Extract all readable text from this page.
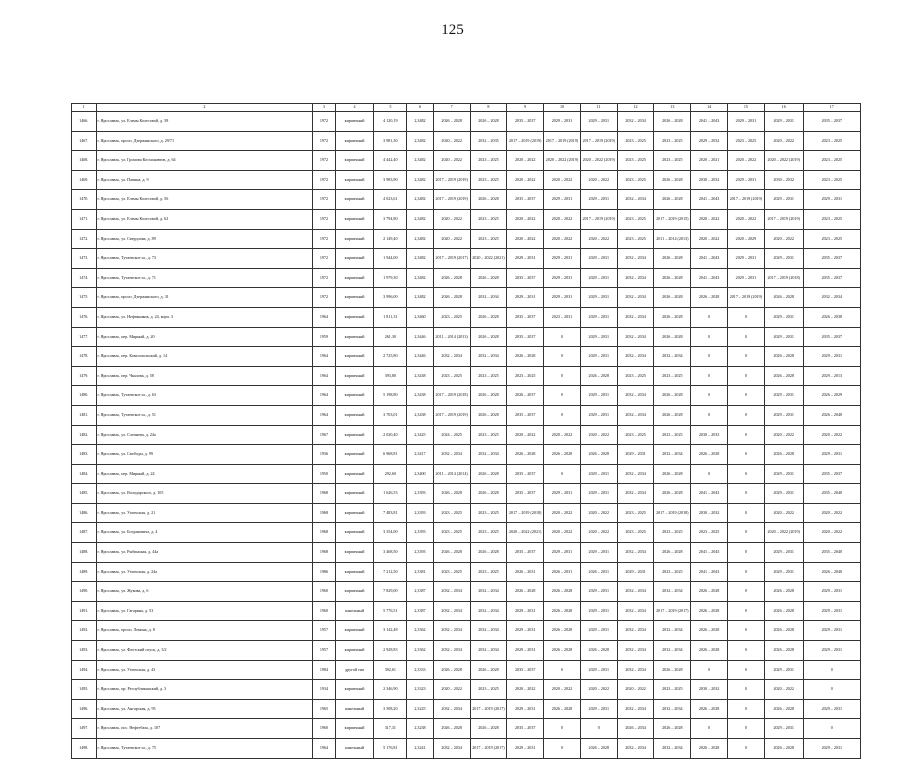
125
1	2	3	4	5	6	7	8	9	10	11	12	13	14	15	16	17
1466.	г. Ярославль, ул. Елены Колесовой, д. 58	1972	кирпичный	4 120,19	2,3482	2026 – 2028	2026 – 2028	2035 – 2037	2029 – 2031	2029 – 2031	2032 – 2034	2026 – 2028	2041 – 2043	2029 – 2031	2029 – 2031	2035 – 2037
1467.	г. Ярославль, просп. Дзержинского, д. 29/71	1972	кирпичный	3 981,30	2,3482	2020 – 2022	2032 – 2035	2017 – 2019 (2019)	2017 – 2019 (2019)	2017 – 2019 (2019)	2023 – 2025	2023 – 2025	2029 – 2032	2023 – 2025	2020 – 2022	2023 – 2025
1468.	г. Ярославль, ул. Громова Космонавтов, д. 64	1972	кирпичный	4 442,40	2,3482	2020 – 2022	2023 – 2025	2020 – 2022	2020 – 2022 (2019)	2020 – 2022 (2019)	2023 – 2025	2023 – 2025	2020 – 2021	2020 – 2022	2020 – 2022 (2019)	2023 – 2025
1469.	г. Ярославль, ул. Папина, д. 9	1972	кирпичный	3 983,90	2,3482	2017 – 2019 (2019)	2023 – 2025	2020 – 2022	2020 – 2022	2020 – 2022	2023 – 2025	2026 – 2028	2030 – 2032	2029 – 2031	2030 – 2032	2023 – 2025
1470.	г. Ярославль, ул. Елены Колесовой, д. 56	1972	кирпичный	4 023,61	2,3482	2017 – 2019 (2019)	2026 – 2028	2035 – 2037	2029 – 2031	2029 – 2031	2032 – 2034	2026 – 2028	2041 – 2043	2017 – 2019 (2019)	2029 – 2031	2029 – 2031
1471.	г. Ярославль, ул. Елены Колесовой, д. 62	1972	кирпичный	3 794,80	2,3482	2020 – 2022	2023 – 2025	2020 – 2022	2020 – 2022	2017 – 2019 (2019)	2023 – 2025	2017 – 2019 (2015)	2020 – 2022	2020 – 2022	2017 – 2019 (2019)	2023 – 2025
1472.	г. Ярославль, ул. Свердлова, д. 89	1972	кирпичный	2 149,40	2,3482	2020 – 2022	2023 – 2025	2020 – 2022	2020 – 2022	2020 – 2022	2023 – 2025	2011 – 2014 (2013)	2020 – 2022	2020 – 2029	2020 – 2022	2023 – 2025
1473.	г. Ярославль, Тутаевское ш., д. 73	1972	кирпичный	1 944,00	2,3482	2017 – 2019 (2017)	2020 – 2022 (2021)	2029 – 2031	2029 – 2031	2029 – 2031	2032 – 2034	2026 – 2028	2041 – 2043	2029 – 2031	2029 – 2031	2035 – 2037
1474.	г. Ярославль, Тутаевское ш., д. 71	1972	кирпичный	1 979,30	2,3482	2026 – 2028	2026 – 2028	2035 – 2037	2029 – 2031	2029 – 2031	2032 – 2034	2026 – 2028	2041 – 2043	2029 – 2031	2017 – 2019 (2018)	2035 – 2037
1475.	г. Ярославль, просп. Дзержинского, д. 31	1972	кирпичный	3 996,00	2,3482	2026 – 2028	2032 – 2034	2029 – 2031	2029 – 2031	2029 – 2031	2032 – 2034	2026 – 2028	2026 – 2028	2017 – 2019 (2019)	2026 – 2028	2032 – 2034
1476.	г. Ярославль, ул. Нефтяников, д. 24, корп. 3	1964	кирпичный	1 811,31	2,3460	2023 – 2025	2026 – 2028	2035 – 2037	2023 – 2031	2029 – 2031	2032 – 2034	2026 – 2028	0	0	2029 – 2031	2026 – 2038
1477.	г. Ярославль, пер. Мирный, д. 20	1959	кирпичный	261,30	2,3446	2011 – 2014 (2013)	2026 – 2028	2035 – 2037	0	2029 – 2031	2032 – 2034	2026 – 2028	0	0	2029 – 2031	2035 – 2037
1478.	г. Ярославль, пер. Комсомольский, д. 14	1964	кирпичный	2 725,80	2,3446	2032 – 2034	2032 – 2034	2026 – 2028	0	2029 – 2031	2032 – 2034	2032 – 2034	0	0	2026 – 2028	2029 – 2031
1479.	г. Ярославль, пер. Чкалова, д. 58	1964	кирпичный	393,80	2,3438	2023 – 2025	2023 – 2025	2023 – 2025	0	2026 – 2028	2023 – 2025	2023 – 2025	0	0	2026 – 2028	2029 – 2013
1480.	г. Ярославль, Тутаевское ш., д. 63	1964	кирпичный	5 198,80	2,3438	2017 – 2019 (2018)	2026 – 2028	2026 – 2037	0	2029 – 2031	2032 – 2034	2026 – 2028	0	0	2029 – 2031	2026 – 2029
1481.	г. Ярославль, Тутаевское ш., д. 51	1964	кирпичный	3 703,01	2,3438	2017 – 2019 (2019)	2026 – 2028	2035 – 2037	0	2029 – 2031	2032 – 2034	2026 – 2028	0	0	2029 – 2031	2026 – 2040
1482.	г. Ярославль, ул. Слепнева, д. 24а	1967	кирпичный	2 020,40	2,3425	2024 – 2025	2023 – 2025	2020 – 2022	2020 – 2022	2020 – 2022	2023 – 2025	2023 – 2025	2030 – 2033	0	2020 – 2022	2020 – 2022
1483.	г. Ярославль, ул. Свободы, д. 99	1936	кирпичный	6 968,81	2,3417	2032 – 2034	2032 – 2034	2026 – 2028	2026 – 2028	2026 – 2028	2029 – 2031	2032 – 2034	2026 – 2028	0	2026 – 2028	2029 – 2031
1484.	г. Ярославль, пер. Мирный, д. 24	1950	кирпичный	292,60	2,3400	2011 – 2014 (2014)	2026 – 2028	2035 – 2037	0	2029 – 2031	2032 – 2034	2026 – 2028	0	0	2029 – 2031	2035 – 2037
1485.	г. Ярославль, ул. Володарского, д. 105	1968	кирпичный	1 626,53	2,3393	2026 – 2028	2026 – 2028	2035 – 2037	2029 – 2031	2029 – 2031	2032 – 2034	2026 – 2028	2041 – 2043	0	2029 – 2031	2035 – 2040
1486.	г. Ярославль, ул. Угличская, д. 21	1968	кирпичный	7 483,81	2,3393	2023 – 2025	2023 – 2025	2017 – 2019 (2018)	2020 – 2022	2020 – 2022	2023 – 2025	2017 – 2019 (2018)	2030 – 2032	0	2020 – 2022	2020 – 2022
1487.	г. Ярославль, ул. Богдановича, д. 4	1968	кирпичный	3 354,00	2,3393	2023 – 2025	2023 – 2025	2020 – 2022 (2021)	2020 – 2022	2020 – 2022	2023 – 2025	2023 – 2025	2023 – 2025	0	2020 – 2022 (2019)	2020 – 2022
1488.	г. Ярославль, ул. Рыбинская, д. 44а	1968	кирпичный	3 468,50	2,3393	2026 – 2028	2026 – 2028	2035 – 2037	2029 – 2031	2029 – 2031	2032 – 2034	2026 – 2028	2041 – 2043	0	2029 – 2031	2035 – 2040
1489.	г. Ярославль, ул. Угличская, д. 24а	1986	кирпичный	7 212,50	2,3381	2023 – 2025	2023 – 2025	2026 – 2031	2026 – 2031	2026 – 2031	2029 – 2031	2023 – 2025	2041 – 2043	0	2029 – 2031	2026 – 2040
1490.	г. Ярославль, ул. Жукова, д. 6	1960	кирпичный	7 829,00	2,3387	2032 – 2034	2032 – 2034	2026 – 2028	2026 – 2028	2029 – 2031	2032 – 2034	2032 – 2034	2026 – 2028	0	2026 – 2028	2029 – 2031
1491.	г. Ярославль, ул. Гагарина, д. 53	1960	панельный	5 776,51	2,3387	2032 – 2034	2032 – 2034	2029 – 2031	2026 – 2028	2029 – 2031	2032 – 2034	2017 – 2019 (2017)	2026 – 2028	0	2026 – 2028	2029 – 2031
1492.	г. Ярославль, просп. Ленина, д. 8	1957	кирпичный	3 142,48	2,3362	2032 – 2034	2032 – 2034	2029 – 2031	2026 – 2028	2029 – 2031	2032 – 2034	2032 – 2034	2026 – 2028	0	2026 – 2028	2029 – 2031
1493.	г. Ярославль, ул. Флотский спуск, д. 3/2	1957	кирпичный	2 928,83	2,3362	2032 – 2034	2032 – 2034	2029 – 2031	2026 – 2028	2026 – 2028	2032 – 2034	2032 – 2034	2026 – 2028	0	2026 – 2028	2029 – 2031
1494.	г. Ярославль, ул. Угличская, д. 43	1984	другой тип	392,61	2,3333	2026 – 2028	2026 – 2028	2035 – 2037	0	2029 – 2031	2032 – 2034	2026 – 2028	0	0	2029 – 2031	0
1495.	г. Ярославль, пр. Республиканский, д. 3	1934	кирпичный	2 346,90	2,3323	2020 – 2022	2023 – 2025	2020 – 2022	2020 – 2022	2020 – 2022	2020 – 2022	2023 – 2025	2030 – 2032	0	2020 – 2022	0
1496.	г. Ярославль, ул. Ангарская, д. 95	1965	панельный	3 508,20	2,3225	2032 – 2034	2017 – 2019 (2017)	2029 – 2031	2026 – 2028	2029 – 2031	2032 – 2034	2032 – 2034	2026 – 2028	0	2026 – 2028	2029 – 2031
1497.	г. Ярославль, пос. Нефтебаза, д. 107	1960	кирпичный	317,31	2,3238	2026 – 2028	2026 – 2028	2035 – 2037	0	0	2026 – 2034	2026 – 2028	0	0	2029 – 2031	0
1498.	г. Ярославль, Тутаевское ш., д. 75	1964	панельный	5 176,81	2,3241	2032 – 2034	2017 – 2019 (2017)	2029 – 2031	0	2026 – 2028	2032 – 2034	2032 – 2034	2026 – 2028	0	2026 – 2028	2029 – 2031
